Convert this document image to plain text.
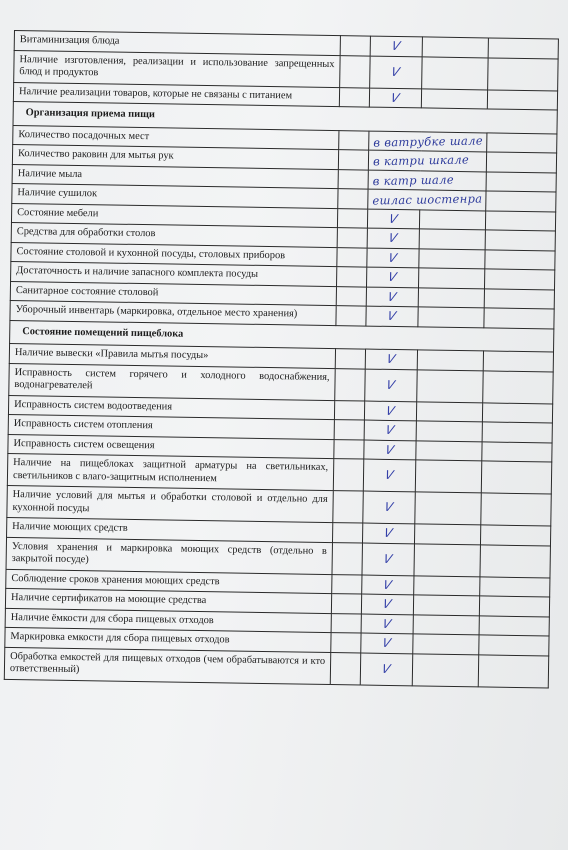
Витаминизация блюда		V		
Наличие изготовления, реализации и использование запрещенных блюд и продуктов		V		
Наличие реализации товаров, которые не связаны с питанием		V		
Организация приема пищи				
Количество посадочных мест		в ватрубке шале		
Количество раковин для мытья рук		в катри шкале		
Наличие мыла		в катр шале		
Наличие сушилок		ешлас шостенра		
Состояние мебели		V		
Средства для обработки столов		V		
Состояние столовой и кухонной посуды, столовых приборов		V		
Достаточность и наличие запасного комплекта посуды		V		
Санитарное состояние столовой		V		
Уборочный инвентарь (маркировка, отдельное место хранения)		V		
Состояние помещений пищеблока				
Наличие вывески «Правила мытья посуды»		V		
Исправность систем горячего и холодного водоснабжения, водонагревателей		V		
Исправность систем водоотведения		V		
Исправность систем отопления		V		
Исправность систем освещения		V		
Наличие на пищеблоках защитной арматуры на светильниках, светильников с влаго-защитным исполнением		V		
Наличие условий для мытья и обработки столовой и отдельно для кухонной посуды		V		
Наличие моющих средств		V		
Условия хранения и маркировка моющих средств (отдельно в закрытой посуде)		V		
Соблюдение сроков хранения моющих средств		V		
Наличие сертификатов на моющие средства		V		
Наличие ёмкости для сбора пищевых отходов		V		
Маркировка емкости для сбора пищевых отходов		V		
Обработка емкостей для пищевых отходов (чем обрабатываются и кто ответственный)		V		
